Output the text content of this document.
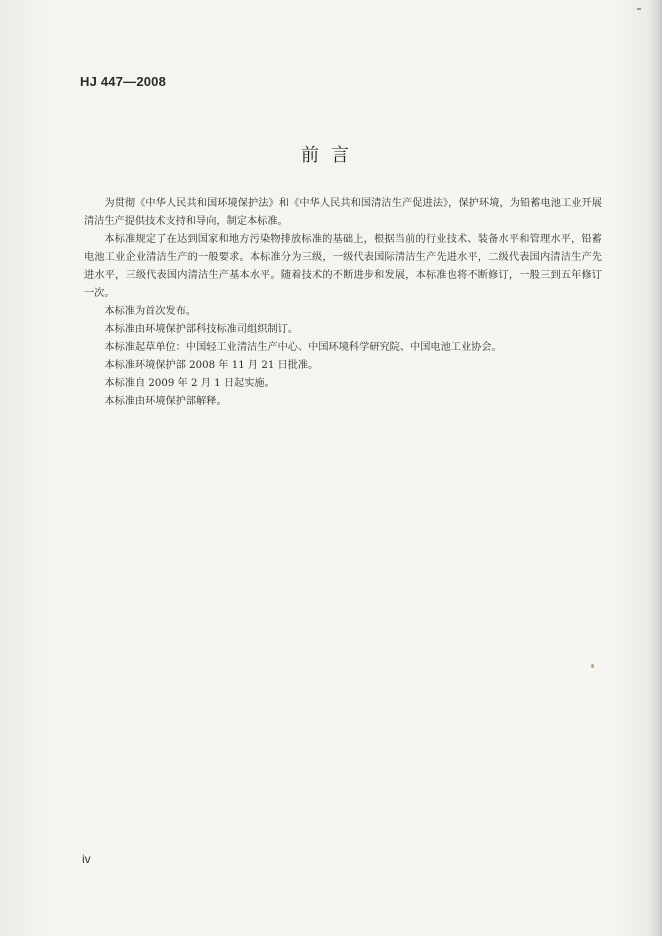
HJ 447—2008
前言

为贯彻《中华人民共和国环境保护法》和《中华人民共和国清洁生产促进法》，保护环境，为铅蓄电池工业开展清洁生产提供技术支持和导向，制定本标准。

本标准规定了在达到国家和地方污染物排放标准的基础上，根据当前的行业技术、装备水平和管理水平，铅蓄电池工业企业清洁生产的一般要求。本标准分为三级，一级代表国际清洁生产先进水平，二级代表国内清洁生产先进水平，三级代表国内清洁生产基本水平。随着技术的不断进步和发展，本标准也将不断修订，一般三到五年修订一次。

本标准为首次发布。

本标准由环境保护部科技标准司组织制订。

本标准起草单位：中国轻工业清洁生产中心、中国环境科学研究院、中国电池工业协会。

本标准环境保护部 2008 年 11 月 21 日批准。

本标准自 2009 年 2 月 1 日起实施。

本标准由环境保护部解释。

iv
